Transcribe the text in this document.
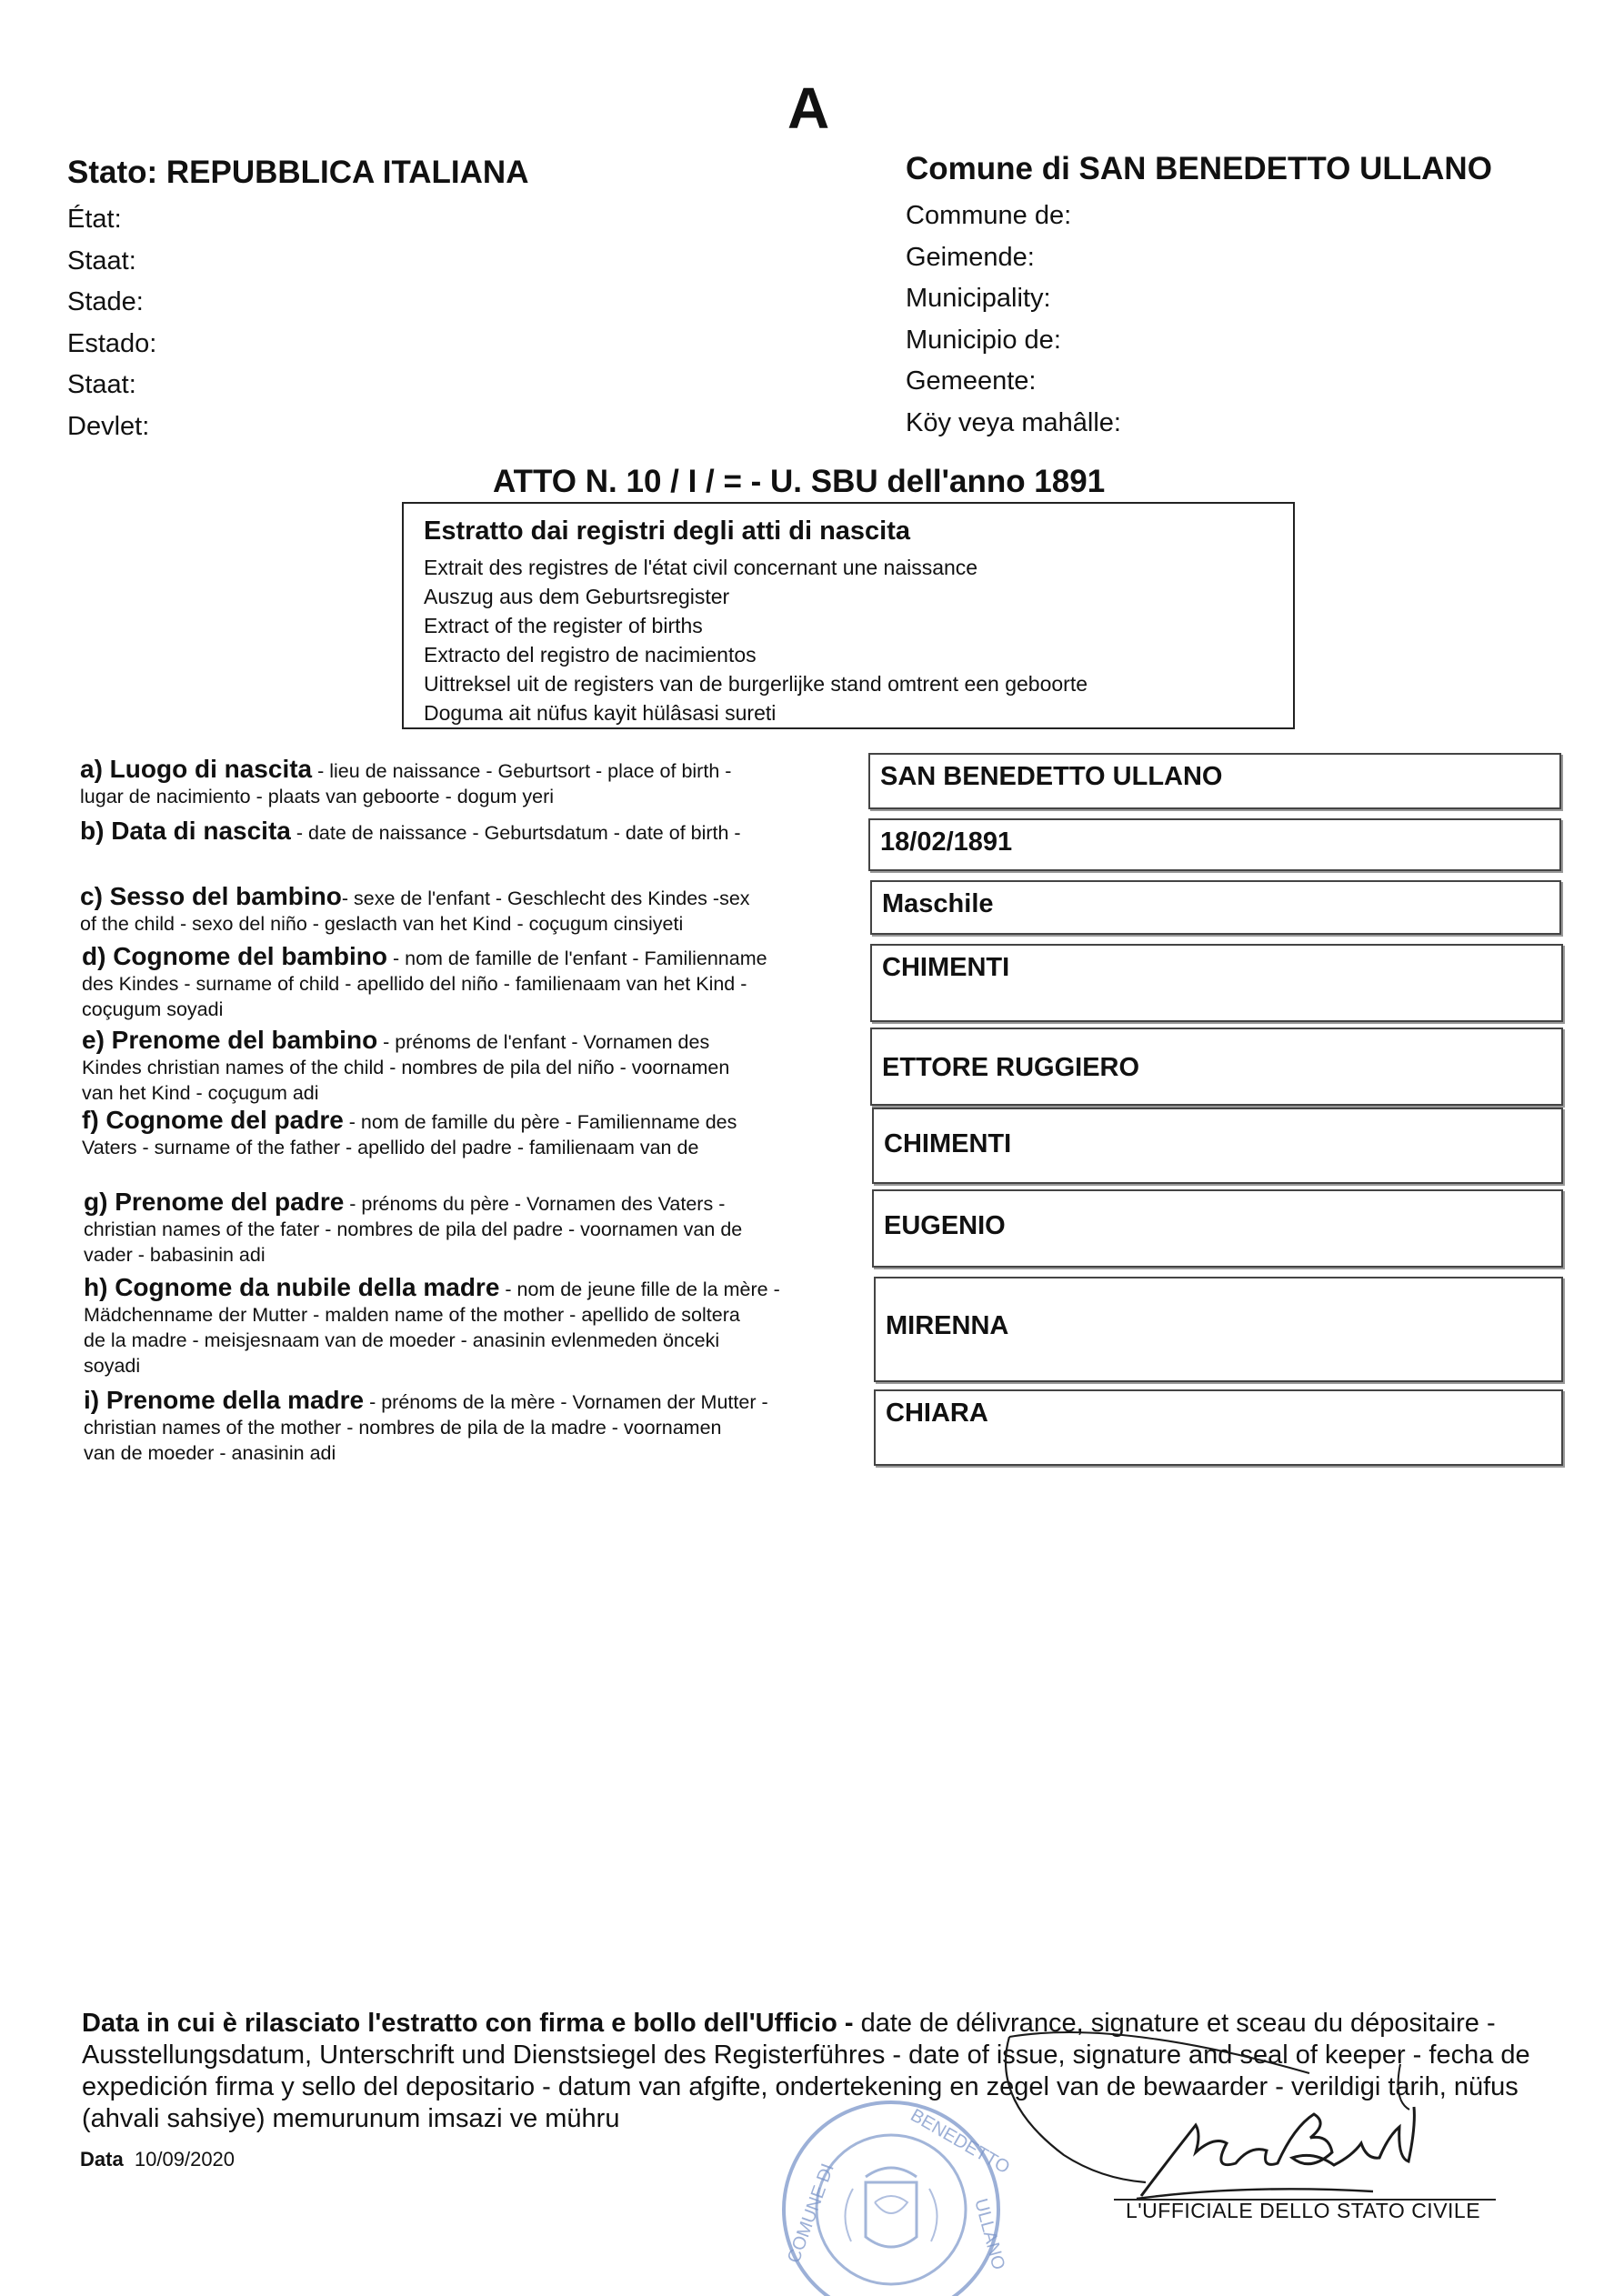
A
Stato: REPUBBLICA ITALIANA
État:
Staat:
Stade:
Estado:
Staat:
Devlet:
Comune di SAN BENEDETTO ULLANO
Commune de:
Geimende:
Municipality:
Municipio de:
Gemeente:
Köy veya mahâlle:
ATTO N. 10 / I / = - U. SBU dell'anno 1891
Estratto dai registri degli atti di nascita
Extrait des registres de l'état civil concernant une naissance
Auszug aus dem Geburtsregister
Extract of the register of births
Extracto del registro de nacimientos
Uittreksel uit de registers van de burgerlijke stand omtrent een geboorte
Doguma ait nüfus kayit hülâsasi sureti
a) Luogo di nascita - lieu de naissance - Geburtsort - place of birth -
lugar de nacimiento - plaats van geboorte - dogum yeri
SAN BENEDETTO ULLANO
b) Data di nascita - date de naissance - Geburtsdatum - date of birth -	18/02/1891
c) Sesso del bambino- sexe de l'enfant - Geschlecht des Kindes -sex
of the child - sexo del niño - geslacth van het Kind - coçugum cinsiyeti
Maschile
d) Cognome del bambino - nom de famille de l'enfant - Familienname
des Kindes - surname of child - apellido del niño - familienaam van het Kind -
coçugum soyadi
CHIMENTI
e) Prenome del bambino - prénoms de l'enfant - Vornamen des
Kindes christian names of the child - nombres de pila del niño - voornamen
van het Kind - coçugum adi
ETTORE RUGGIERO
f) Cognome del padre - nom de famille du père - Familienname des
Vaters - surname of the father - apellido del padre - familienaam van de	CHIMENTI
g) Prenome del padre - prénoms du père - Vornamen des Vaters -
christian names of the fater - nombres de pila del padre - voornamen van de
vader - babasinin adi
EUGENIO
h) Cognome da nubile della madre - nom de jeune fille de la mère -
Mädchenname der Mutter - malden name of the mother - apellido de soltera
de la madre - meisjesnaam van de moeder - anasinin evlenmeden önceki
soyadi
MIRENNA
i) Prenome della madre - prénoms de la mère - Vornamen der Mutter -
christian names of the mother - nombres de pila de la madre - voornamen
van de moeder - anasinin adi
CHIARA
Data in cui è rilasciato l'estratto con firma e bollo dell'Ufficio - date de délivrance, signature et sceau du dépositaire - Ausstellungsdatum, Unterschrift und Dienstsiegel des Registerführes - date of issue, signature and seal of keeper - fecha de expedición firma y sello del depositario - datum van afgifte, ondertekening en zegel van de bewaarder - verildigi tarih, nüfus (ahvali sahsiye) memurunum imsazi ve mühru
Data 10/09/2020
COMUNE DI
BENEDETTO
ULLANO	L'UFFICIALE DELLO STATO CIVILE
